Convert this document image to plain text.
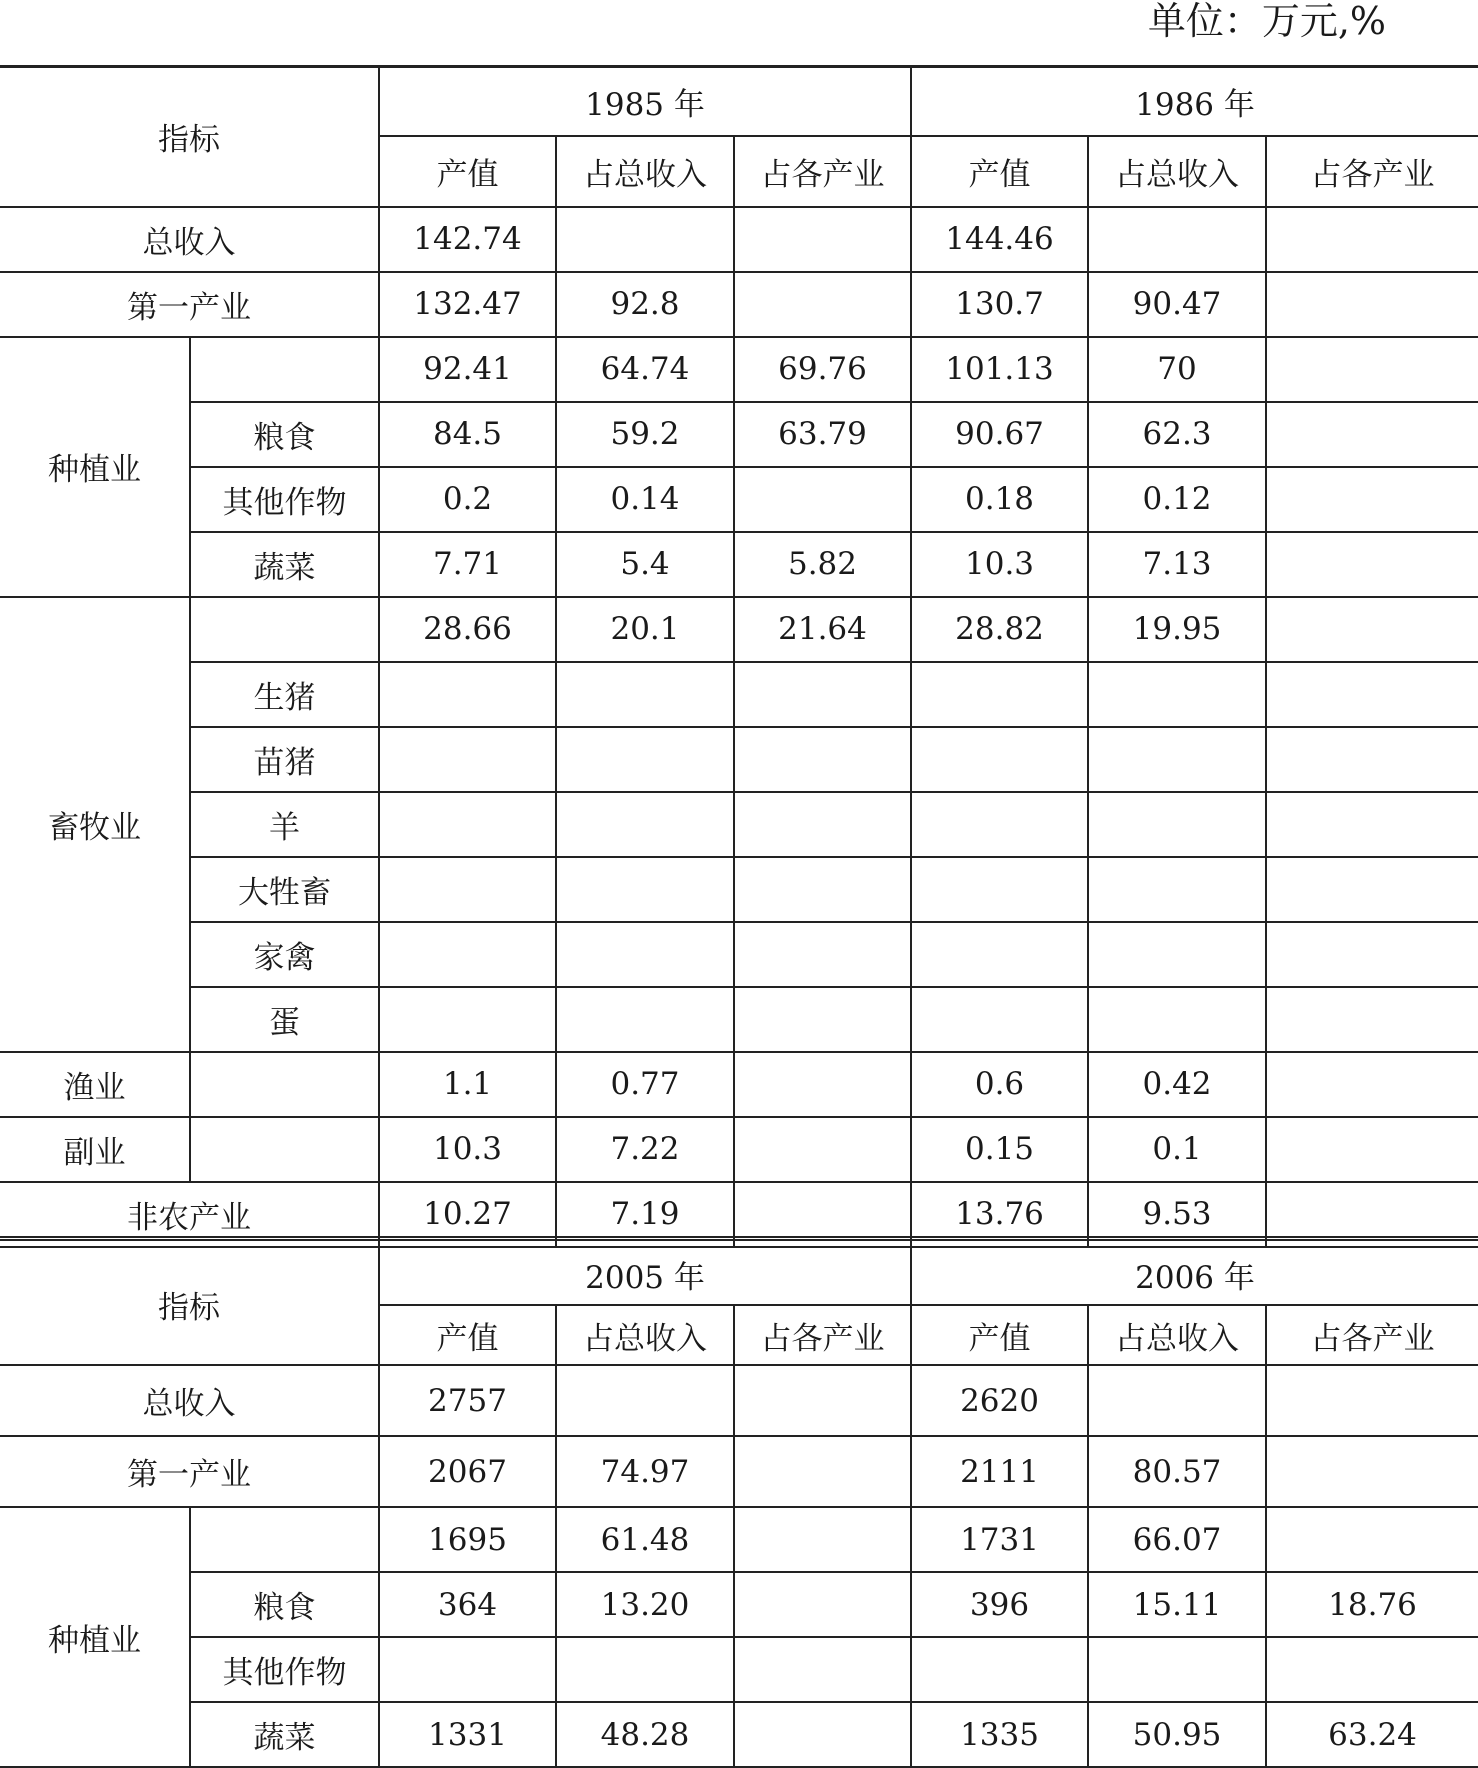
单位：万元,%
指标		1985 年			1986 年		
		产值	占总收入	占各产业	产值	占总收入	占各产业
总收入		142.74			144.46		
第一产业		132.47	92.8		130.7	90.47	
种植业		92.41	64.74	69.76	101.13	70	
	粮食	84.5	59.2	63.79	90.67	62.3	
	其他作物	0.2	0.14		0.18	0.12	
	蔬菜	7.71	5.4	5.82	10.3	7.13	
畜牧业		28.66	20.1	21.64	28.82	19.95	
	生猪						
	苗猪						
	羊						
	大牲畜						
	家禽						
	蛋						
渔业		1.1	0.77		0.6	0.42	
副业		10.3	7.22		0.15	0.1	
非农产业		10.27	7.19		13.76	9.53	
指标		2005 年			2006 年		
		产值	占总收入	占各产业	产值	占总收入	占各产业
总收入		2757			2620		
第一产业		2067	74.97		2111	80.57	
种植业		1695	61.48		1731	66.07	
	粮食	364	13.20		396	15.11	18.76
	其他作物						
	蔬菜	1331	48.28		1335	50.95	63.24
